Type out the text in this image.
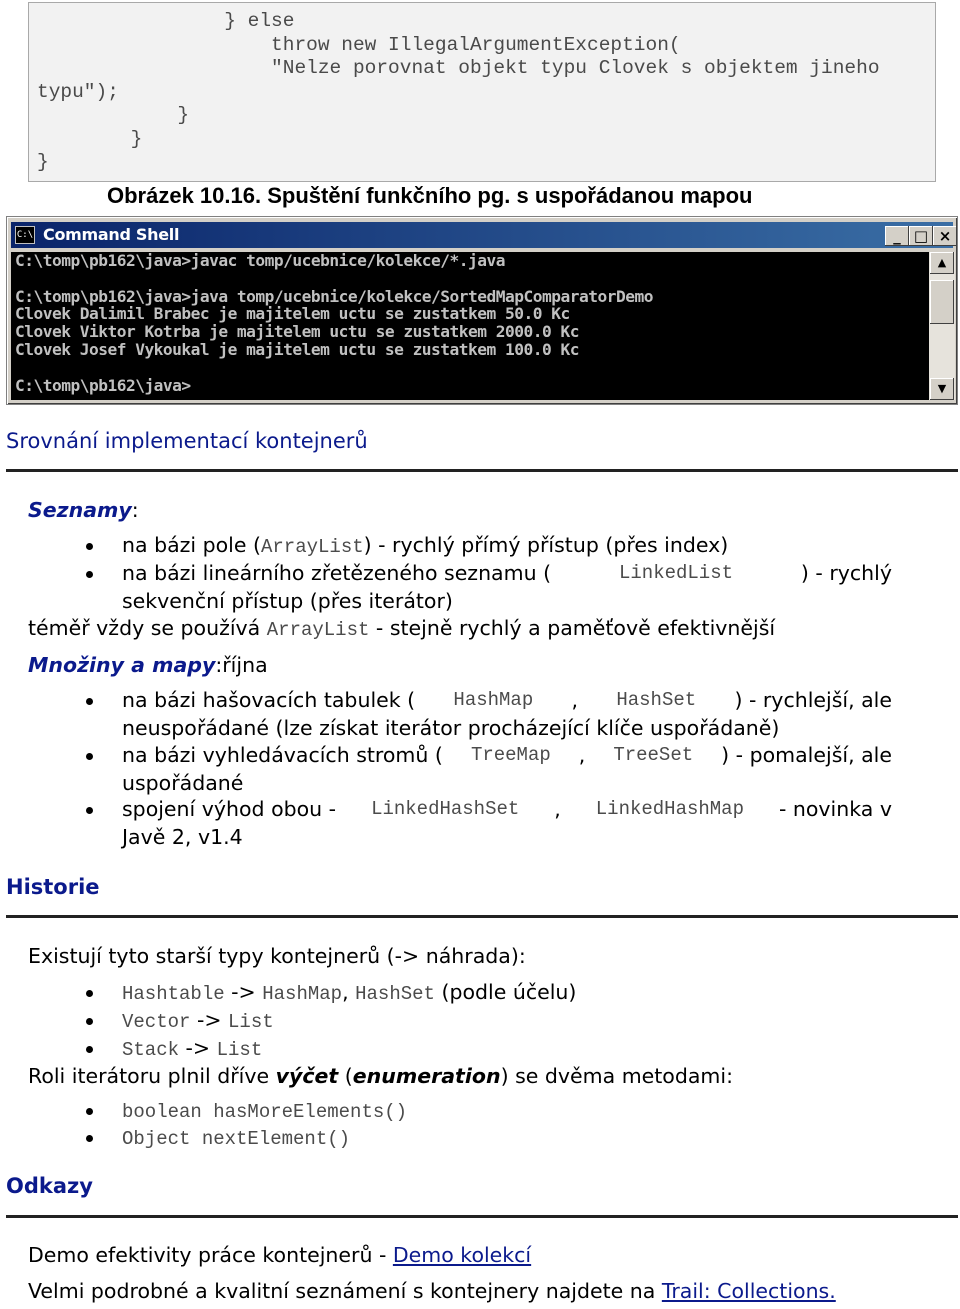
} else
throw new IllegalArgumentException(
"Nelze porovnat objekt typu Clovek s objektem jineho
typu");
}
}
}
Obrázek 10.16. Spuštění funkčního pg. s uspořádanou mapou
C:\ Command Shell	_ □ ×
C:\tomp\pb162\java>javac tomp/ucebnice/kolekce/*.java
C:\tomp\pb162\java>java tomp/ucebnice/kolekce/SortedMapComparatorDemo
Clovek Dalimil Brabec je majitelem uctu se zustatkem 50.0 Kc
Clovek Viktor Kotrba je majitelem uctu se zustatkem 2000.0 Kc
Clovek Josef Vykoukal je majitelem uctu se zustatkem 100.0 Kc
C:\tomp\pb162\java>
▲
▼
Srovnání implementací kontejnerů
Seznamy:
na bázi pole (ArrayList) - rychlý přímý přístup (přes index)
na bázi lineárního zřetězeného seznamu (	LinkedList	) - rychlý
sekvenční přístup (přes iterátor)
téměř vždy se používá ArrayList - stejně rychlý a paměťově efektivnější
Množiny a mapy:října
na bázi hašovacích tabulek ( HashMap , HashSet ) - rychlejší, ale
neuspořádané (lze získat iterátor procházející klíče uspořádaně)
na bázi vyhledávacích stromů ( TreeMap , TreeSet ) - pomalejší, ale
uspořádané
spojení výhod obou - LinkedHashSet , LinkedHashMap - novinka v
Javě 2, v1.4
Historie
Existují tyto starší typy kontejnerů (-> náhrada):
Hashtable -> HashMap, HashSet (podle účelu)
Vector -> List
Stack -> List
Roli iterátoru plnil dříve výčet (enumeration) se dvěma metodami:
boolean hasMoreElements()
Object nextElement()
Odkazy
Demo efektivity práce kontejnerů - Demo kolekcí
Velmi podrobné a kvalitní seznámení s kontejnery najdete na Trail: Collections.
